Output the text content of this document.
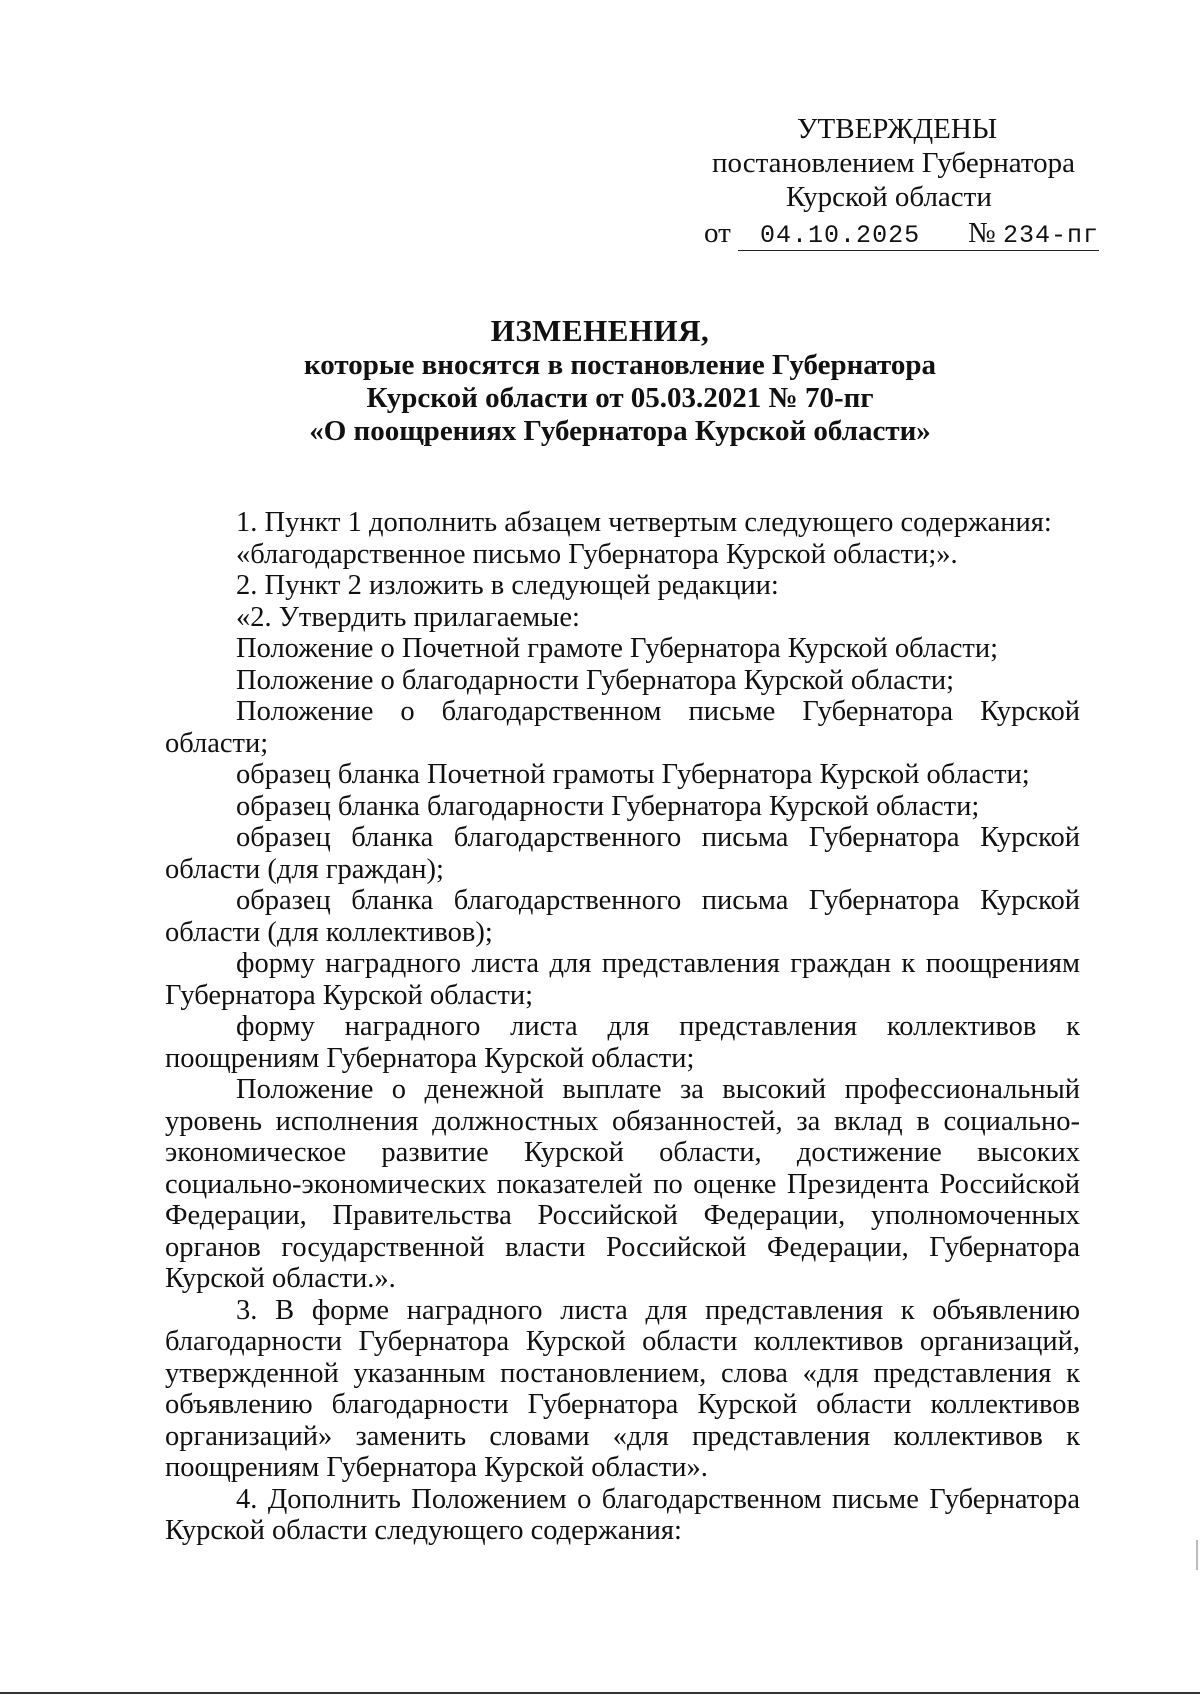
УТВЕРЖДЕНЫ
постановлением Губернатора
Курской области
от 04.10.2025 № 234-пг
ИЗМЕНЕНИЯ,
которые вносятся в постановление Губернатора
Курской области от 05.03.2021 № 70-пг
«О поощрениях Губернатора Курской области»

1. Пункт 1 дополнить абзацем четвертым следующего содержания:

«благодарственное письмо Губернатора Курской области;».

2. Пункт 2 изложить в следующей редакции:

«2. Утвердить прилагаемые:

Положение о Почетной грамоте Губернатора Курской области;

Положение о благодарности Губернатора Курской области;

Положение о благодарственном письме Губернатора Курской области;

образец бланка Почетной грамоты Губернатора Курской области;

образец бланка благодарности Губернатора Курской области;

образец бланка благодарственного письма Губернатора Курской области (для граждан);

образец бланка благодарственного письма Губернатора Курской области (для коллективов);

форму наградного листа для представления граждан к поощрениям Губернатора Курской области;

форму наградного листа для представления коллективов к поощрениям Губернатора Курской области;

Положение о денежной выплате за высокий профессиональный уровень исполнения должностных обязанностей, за вклад в социально-экономическое развитие Курской области, достижение высоких социально-экономических показателей по оценке Президента Российской Федерации, Правительства Российской Федерации, уполномоченных органов государственной власти Российской Федерации, Губернатора Курской области.».

3. В форме наградного листа для представления к объявлению благодарности Губернатора Курской области коллективов организаций, утвержденной указанным постановлением, слова «для представления к объявлению благодарности Губернатора Курской области коллективов организаций» заменить словами «для представления коллективов к поощрениям Губернатора Курской области».

4. Дополнить Положением о благодарственном письме Губернатора Курской области следующего содержания:
